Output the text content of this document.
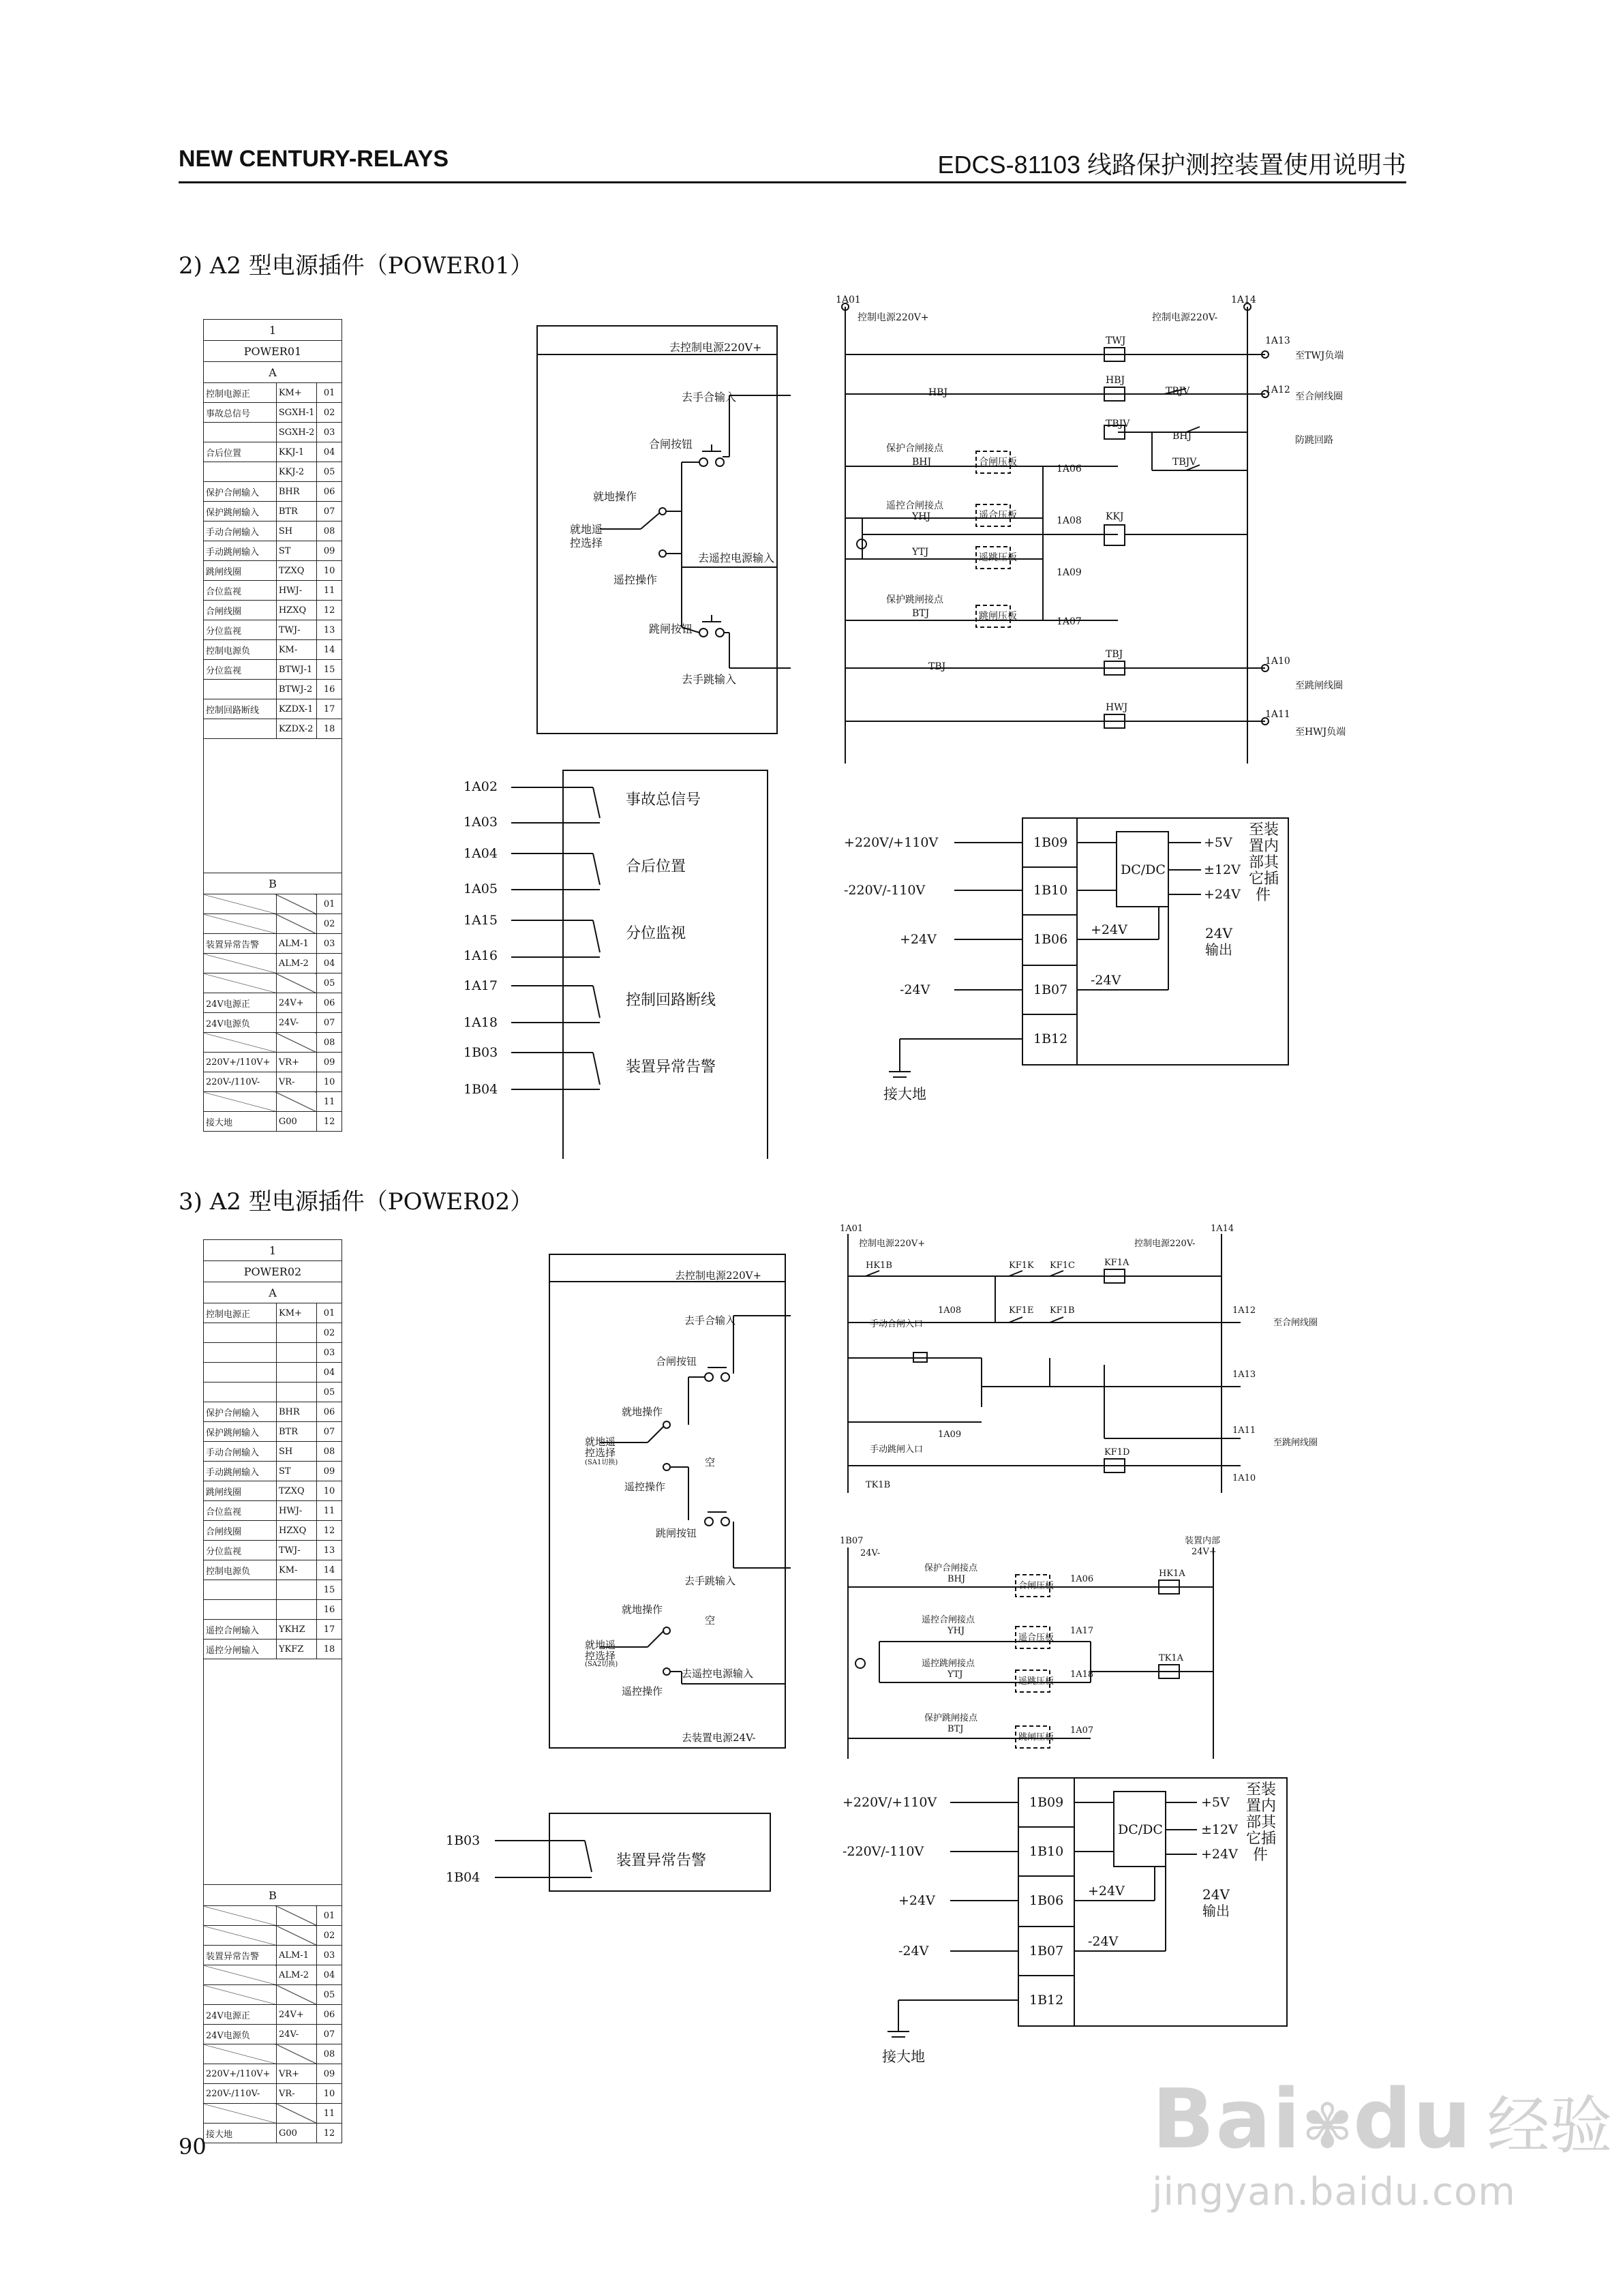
NEW CENTURY-RELAYS	EDCS-81103 线路保护测控装置使用说明书
2) A2 型电源插件（POWER01）
3) A2 型电源插件（POWER02）
1		
POWER01		
A		
控制电源正	KM+	01
事故总信号	SGXH-1	02
	SGXH-2	03
合后位置	KKJ-1	04
	KKJ-2	05
保护合闸输入	BHR	06
保护跳闸输入	BTR	07
手动合闸输入	SH	08
手动跳闸输入	ST	09
跳闸线圈	TZXQ	10
合位监视	HWJ-	11
合闸线圈	HZXQ	12
分位监视	TWJ-	13
控制电源负	KM-	14
分位监视	BTWJ-1	15
	BTWJ-2	16
控制回路断线	KZDX-1	17
	KZDX-2	18

B		
		01
		02
装置异常告警	ALM-1	03
	ALM-2	04
		05
24V电源正	24V+	06
24V电源负	24V-	07
		08
220V+/110V+	VR+	09
220V-/110V-	VR-	10
		11
接大地	G00	12
1		
POWER02		
A		
控制电源正	KM+	01
		02
		03
		04
		05
保护合闸输入	BHR	06
保护跳闸输入	BTR	07
手动合闸输入	SH	08
手动跳闸输入	ST	09
跳闸线圈	TZXQ	10
合位监视	HWJ-	11
合闸线圈	HZXQ	12
分位监视	TWJ-	13
控制电源负	KM-	14
		15
		16
遥控合闸输入	YKHZ	17
遥控分闸输入	YKFZ	18

B		
		01
		02
装置异常告警	ALM-1	03
	ALM-2	04
		05
24V电源正	24V+	06
24V电源负	24V-	07
		08
220V+/110V+	VR+	09
220V-/110V-	VR-	10
		11
接大地	G00	12
去控制电源220V+
去手合输入
合闸按钮
就地操作
就地遥
控选择
去遥控电源输入
遥控操作
跳闸按钮
去手跳输入
1A01
控制电源220V+
1A14
控制电源220V-
TWJ	1A13
至TWJ负端
HBJ
HBJ
TBJV	1A12
至合闸线圈
TBJV
BHJ
TBJV
防跳回路
保护合闸接点
BHJ	合闸压板
1A06
遥控合闸接点
YHJ	遥合压板	1A08	KKJ
YTJ	遥跳压板
1A09
保护跳闸接点
BTJ	跳闸压板	1A07
TBJ
TBJ
1A10
至跳闸线圈
HWJ
1A11
至HWJ负端
1A02
1A03
1A04
1A05
1A15
1A16
1A17
1A18
1B03
1B04
事故总信号
合后位置
分位监视
控制回路断线
装置异常告警
+220V/+110V
-220V/-110V
+24V
-24V
1B09
1B10
1B06
1B07
1B12
DC/DC
+5V
±12V
+24V
至装
置内
部其
它插
件
+24V
-24V
24V
输出
接大地
去控制电源220V+
去手合输入
合闸按钮
就地操作
就地遥
控选择
(SA1切换)	空
遥控操作
跳闸按钮
去手跳输入
就地操作
空
就地遥
控选择
(SA2切换)
去遥控电源输入
遥控操作
去装置电源24V-
1A01
控制电源220V+
1A14
控制电源220V-
HK1B	KF1K KF1C	KF1A
1A08	KF1E KF1B
手动合闸入口
1A12
至合闸线圈
1A13
1A11
至跳闸线圈
1A09
手动跳闸入口
TK1B
KF1D
1A10
1B07
24V-
装置内部
24V+
保护合闸接点
BHJ
合闸压板
1A06
HK1A
遥控合闸接点
YHJ
遥合压板
1A17
遥控跳闸接点
YTJ
遥跳压板
1A18
TK1A
保护跳闸接点
BTJ
跳闸压板
1A07
1B03
1B04
装置异常告警
+220V/+110V
-220V/-110V
+24V
-24V
1B09
1B10
1B06
1B07
1B12
DC/DC
+5V
±12V
+24V
至装
置内
部其
它插
件
+24V
-24V
24V
输出
接大地
90	Bai✾du 经验
jingyan.baidu.com
